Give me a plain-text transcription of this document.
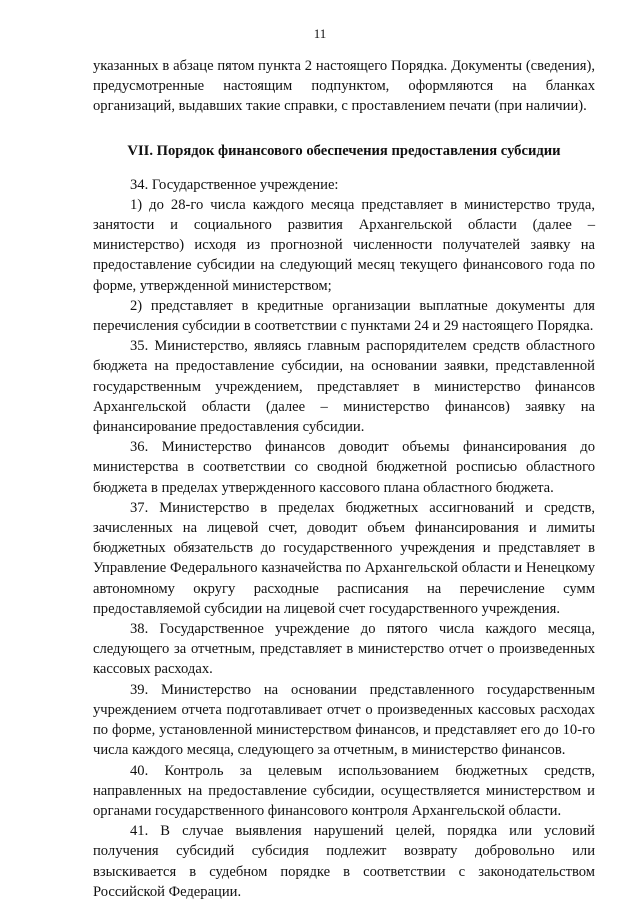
11

указанных в абзаце пятом пункта 2 настоящего Порядка. Документы (сведения), предусмотренные настоящим подпунктом, оформляются на бланках организаций, выдавших такие справки, с проставлением печати (при наличии).

VII. Порядок финансового обеспечения предоставления субсидии

34. Государственное учреждение:

1) до 28-го числа каждого месяца представляет в министерство труда, занятости и социального развития Архангельской области (далее – министерство) исходя из прогнозной численности получателей заявку на предоставление субсидии на следующий месяц текущего финансового года по форме, утвержденной министерством;

2) представляет в кредитные организации выплатные документы для перечисления субсидии в соответствии с пунктами 24 и 29 настоящего Порядка.

35. Министерство, являясь главным распорядителем средств областного бюджета на предоставление субсидии, на основании заявки, представленной государственным учреждением, представляет в министерство финансов Архангельской области (далее – министерство финансов) заявку на финансирование предоставления субсидии.

36. Министерство финансов доводит объемы финансирования до министерства в соответствии со сводной бюджетной росписью областного бюджета в пределах утвержденного кассового плана областного бюджета.

37. Министерство в пределах бюджетных ассигнований и средств, зачисленных на лицевой счет, доводит объем финансирования и лимиты бюджетных обязательств до государственного учреждения и представляет в Управление Федерального казначейства по Архангельской области и Ненецкому автономному округу расходные расписания на перечисление сумм предоставляемой субсидии на лицевой счет государственного учреждения.

38. Государственное учреждение до пятого числа каждого месяца, следующего за отчетным, представляет в министерство отчет о произведенных кассовых расходах.

39. Министерство на основании представленного государственным учреждением отчета подготавливает отчет о произведенных кассовых расходах по форме, установленной министерством финансов, и представляет его до 10-го числа каждого месяца, следующего за отчетным, в министерство финансов.

40. Контроль за целевым использованием бюджетных средств, направленных на предоставление субсидии, осуществляется министерством и органами государственного финансового контроля Архангельской области.

41. В случае выявления нарушений целей, порядка или условий получения субсидий субсидия подлежит возврату добровольно или взыскивается в судебном порядке в соответствии с законодательством Российской Федерации.
